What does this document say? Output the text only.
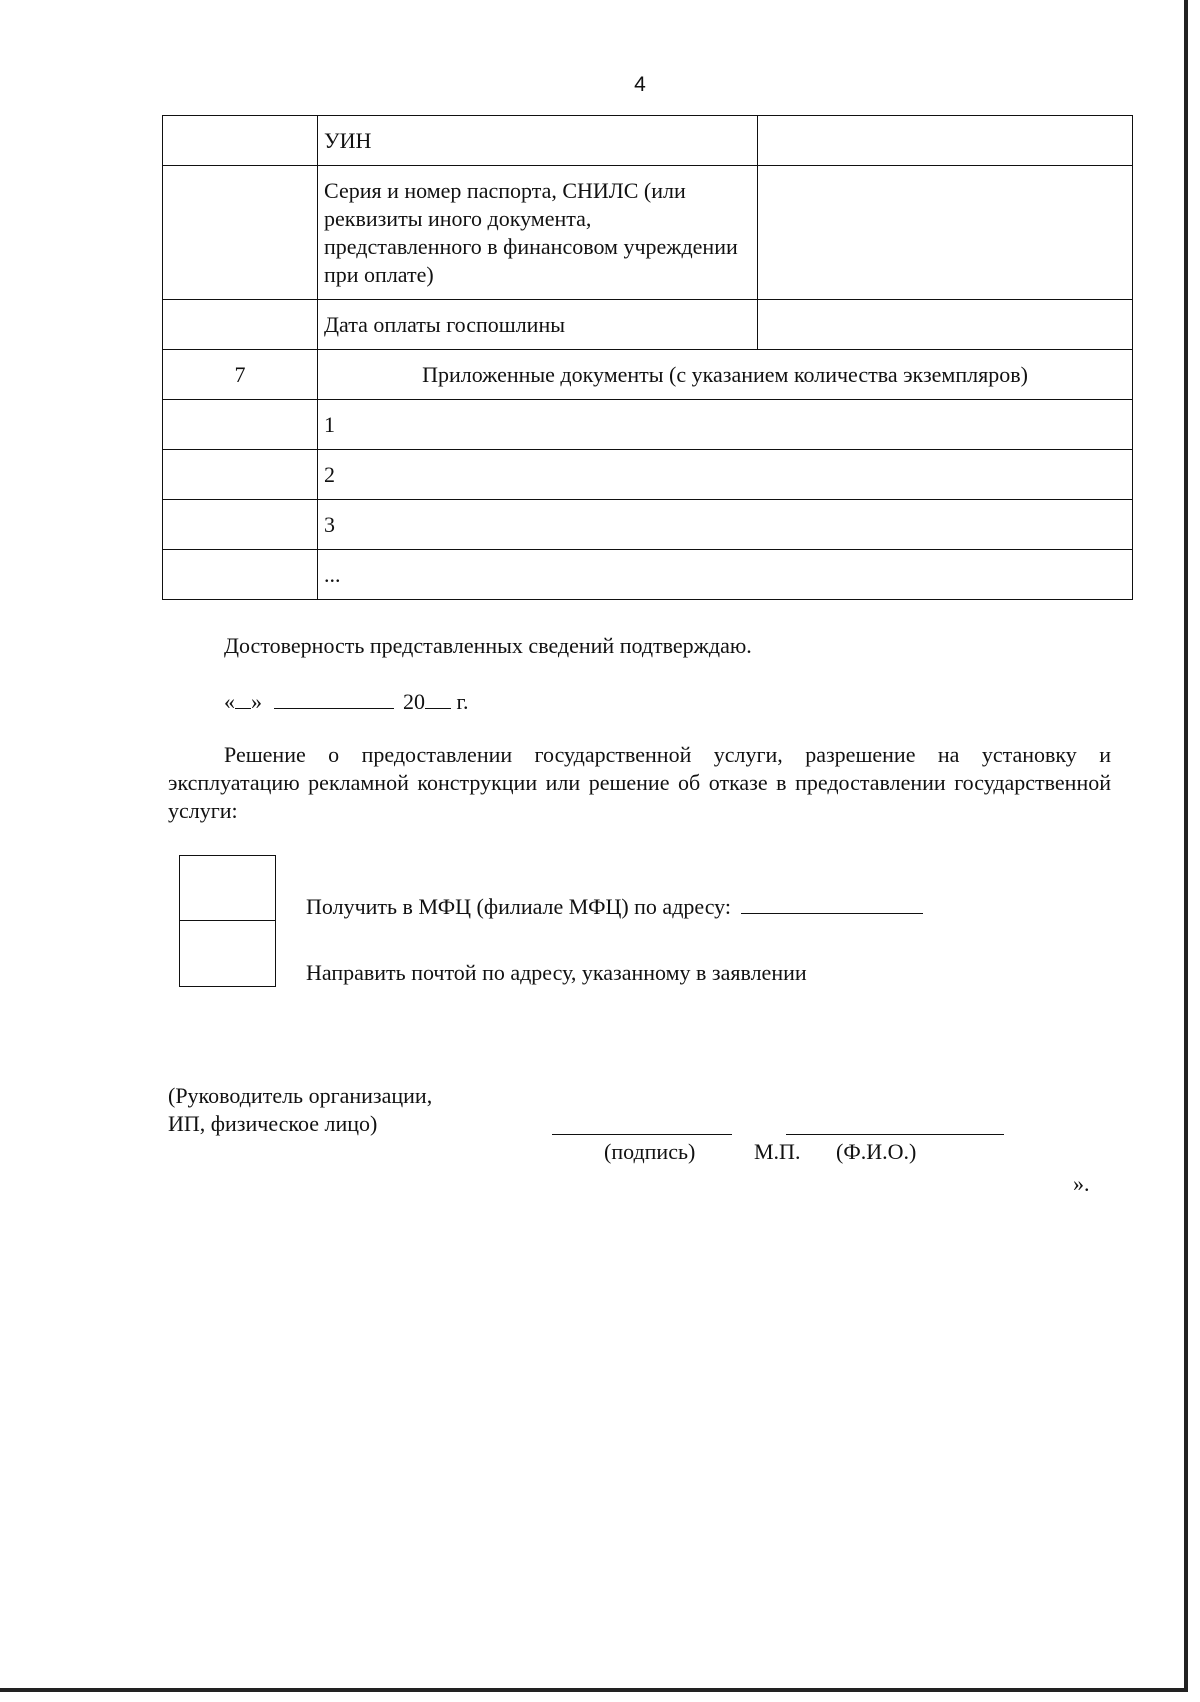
4
	УИН	
	Серия и номер паспорта, СНИЛС (или реквизиты иного документа, представленного в финансовом учреждении при оплате)	
	Дата оплаты госпошлины	
7	Приложенные документы (с указанием количества экземпляров)	
	1	
	2	
	3	
	...	
Достоверность представленных сведений подтверждаю.
« »	20 г.
Решение о предоставлении государственной услуги, разрешение на установку и эксплуатацию рекламной конструкции или решение об отказе в предоставлении государственной услуги:
Получить в МФЦ (филиале МФЦ) по адресу:
Направить почтой по адресу, указанному в заявлении
(Руководитель организации,
ИП, физическое лицо)
(подпись)	М.П. (Ф.И.О.)
».
